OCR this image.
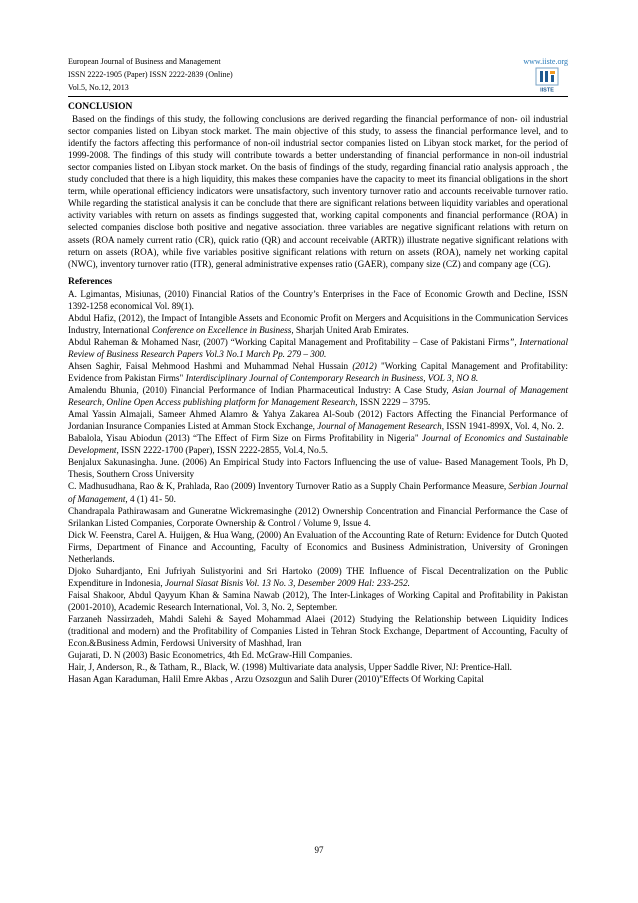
European Journal of Business and Management
ISSN 2222-1905 (Paper) ISSN 2222-2839 (Online)
Vol.5, No.12, 2013
www.iiste.org
IISTE
CONCLUSION

Based on the findings of this study, the following conclusions are derived regarding the financial performance of non- oil industrial sector companies listed on Libyan stock market. The main objective of this study, to assess the financial performance level, and to identify the factors affecting this performance of non-oil industrial sector companies listed on Libyan stock market, for the period of 1999-2008. The findings of this study will contribute towards a better understanding of financial performance in non-oil industrial sector companies listed on Libyan stock market. On the basis of findings of the study, regarding financial ratio analysis approach , the study concluded that there is a high liquidity, this makes these companies have the capacity to meet its financial obligations in the short term, while operational efficiency indicators were unsatisfactory, such inventory turnover ratio and accounts receivable turnover ratio. While regarding the statistical analysis it can be conclude that there are significant relations between liquidity variables and operational activity variables with return on assets as findings suggested that, working capital components and financial performance (ROA) in selected companies disclose both positive and negative association. three variables are negative significant relations with return on assets (ROA namely current ratio (CR), quick ratio (QR) and account receivable (ARTR)) illustrate negative significant relations with return on assets (ROA), while five variables positive significant relations with return on assets (ROA), namely net working capital (NWC), inventory turnover ratio (ITR), general administrative expenses ratio (GAER), company size (CZ) and company age (CG).

References

A. Lgimantas, Misiunas, (2010) Financial Ratios of the Country’s Enterprises in the Face of Economic Growth and Decline, ISSN 1392-1258 economical Vol. 89(1).

Abdul Hafiz, (2012), the Impact of Intangible Assets and Economic Profit on Mergers and Acquisitions in the Communication Services Industry, International Conference on Excellence in Business, Sharjah United Arab Emirates.

Abdul Raheman & Mohamed Nasr, (2007) “Working Capital Management and Profitability – Case of Pakistani Firms”, International Review of Business Research Papers Vol.3 No.1 March Pp. 279 – 300.

Ahsen Saghir, Faisal Mehmood Hashmi and Muhammad Nehal Hussain (2012) "Working Capital Management and Profitability: Evidence from Pakistan Firms" Interdisciplinary Journal of Contemporary Research in Business, VOL 3, NO 8.

Amalendu Bhunia, (2010) Financial Performance of Indian Pharmaceutical Industry: A Case Study, Asian Journal of Management Research, Online Open Access publishing platform for Management Research, ISSN 2229 – 3795.

Amal Yassin Almajali, Sameer Ahmed Alamro & Yahya Zakarea Al-Soub (2012) Factors Affecting the Financial Performance of Jordanian Insurance Companies Listed at Amman Stock Exchange, Journal of Management Research, ISSN 1941-899X, Vol. 4, No. 2.

Babalola, Yisau Abiodun (2013) “The Effect of Firm Size on Firms Profitability in Nigeria" Journal of Economics and Sustainable Development, ISSN 2222-1700 (Paper), ISSN 2222-2855, Vol.4, No.5.

Benjalux Sakunasingha. June. (2006) An Empirical Study into Factors Influencing the use of value- Based Management Tools, Ph D, Thesis, Southern Cross University

C. Madhusudhana, Rao & K, Prahlada, Rao (2009) Inventory Turnover Ratio as a Supply Chain Performance Measure, Serbian Journal of Management, 4 (1) 41- 50.

Chandrapala Pathirawasam and Guneratne Wickremasinghe (2012) Ownership Concentration and Financial Performance the Case of Srilankan Listed Companies, Corporate Ownership & Control / Volume 9, Issue 4.

Dick W. Feenstra, Carel A. Huijgen, & Hua Wang, (2000) An Evaluation of the Accounting Rate of Return: Evidence for Dutch Quoted Firms, Department of Finance and Accounting, Faculty of Economics and Business Administration, University of Groningen Netherlands.

Djoko Suhardjanto, Eni Jufriyah Sulistyorini and Sri Hartoko (2009) THE Influence of Fiscal Decentralization on the Public Expenditure in Indonesia, Journal Siasat Bisnis Vol. 13 No. 3, Desember 2009 Hal: 233-252.

Faisal Shakoor, Abdul Qayyum Khan & Samina Nawab (2012), The Inter-Linkages of Working Capital and Profitability in Pakistan (2001-2010), Academic Research International, Vol. 3, No. 2, September.

Farzaneh Nassirzadeh, Mahdi Salehi & Sayed Mohammad Alaei (2012) Studying the Relationship between Liquidity Indices (traditional and modern) and the Profitability of Companies Listed in Tehran Stock Exchange, Department of Accounting, Faculty of Econ.&Business Admin, Ferdowsi University of Mashhad, Iran

Gujarati, D. N (2003) Basic Econometrics, 4th Ed. McGraw-Hill Companies.

Hair, J, Anderson, R., & Tatham, R., Black, W. (1998) Multivariate data analysis, Upper Saddle River, NJ: Prentice-Hall.

Hasan Agan Karaduman, Halil Emre Akbas , Arzu Ozsozgun and Salih Durer (2010)"Effects Of Working Capital

97
